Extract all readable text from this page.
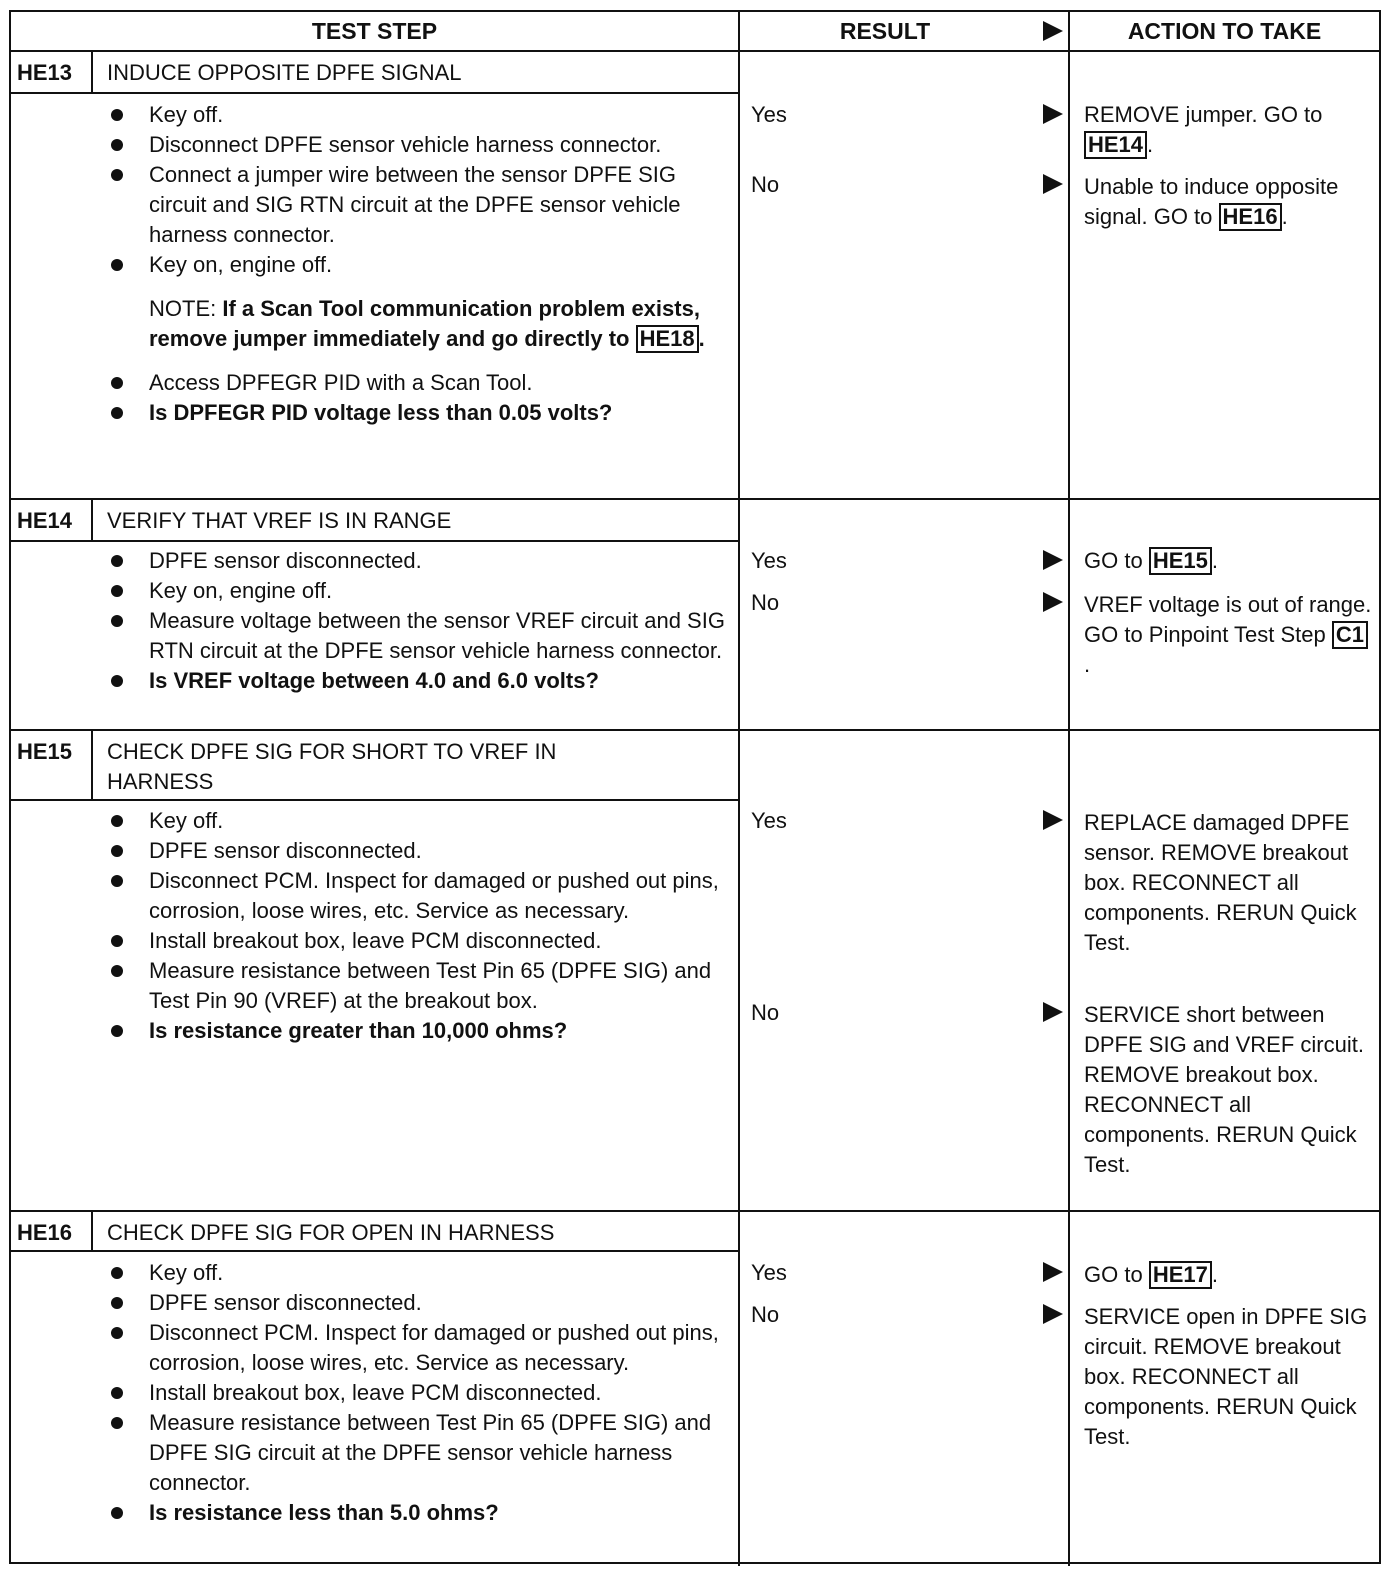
TEST STEP	RESULT	ACTION TO TAKE
HE13	INDUCE OPPOSITE DPFE SIGNAL
Key off.
Disconnect DPFE sensor vehicle harness connector.
Connect a jumper wire between the sensor DPFE SIG circuit and SIG RTN circuit at the DPFE sensor vehicle harness connector.
Key on, engine off.
NOTE: If a Scan Tool communication problem exists, remove jumper immediately and go directly to HE18 .
Access DPFEGR PID with a Scan Tool.
Is DPFEGR PID voltage less than 0.05 volts?
Yes	REMOVE jumper. GO to HE14 .
No	Unable to induce opposite signal. GO to HE16 .
HE14	VERIFY THAT VREF IS IN RANGE
DPFE sensor disconnected.
Key on, engine off.
Measure voltage between the sensor VREF circuit and SIG RTN circuit at the DPFE sensor vehicle harness connector.
Is VREF voltage between 4.0 and 6.0 volts?
Yes	GO to HE15 .
No	VREF voltage is out of range. GO to Pinpoint Test Step C1.
HE15	CHECK DPFE SIG FOR SHORT TO VREF IN HARNESS
Key off.
DPFE sensor disconnected.
Disconnect PCM. Inspect for damaged or pushed out pins, corrosion, loose wires, etc. Service as necessary.
Install breakout box, leave PCM disconnected.
Measure resistance between Test Pin 65 (DPFE SIG) and Test Pin 90 (VREF) at the breakout box.
Is resistance greater than 10,000 ohms?
Yes	REPLACE damaged DPFE sensor. REMOVE breakout box. RECONNECT all components. RERUN Quick Test.
No	SERVICE short between DPFE SIG and VREF circuit. REMOVE breakout box. RECONNECT all components. RERUN Quick Test.
HE16	CHECK DPFE SIG FOR OPEN IN HARNESS
Key off.
DPFE sensor disconnected.
Disconnect PCM. Inspect for damaged or pushed out pins, corrosion, loose wires, etc. Service as necessary.
Install breakout box, leave PCM disconnected.
Measure resistance between Test Pin 65 (DPFE SIG) and DPFE SIG circuit at the DPFE sensor vehicle harness connector.
Is resistance less than 5.0 ohms?
Yes	GO to HE17 .
No	SERVICE open in DPFE SIG circuit. REMOVE breakout box. RECONNECT all components. RERUN Quick Test.
